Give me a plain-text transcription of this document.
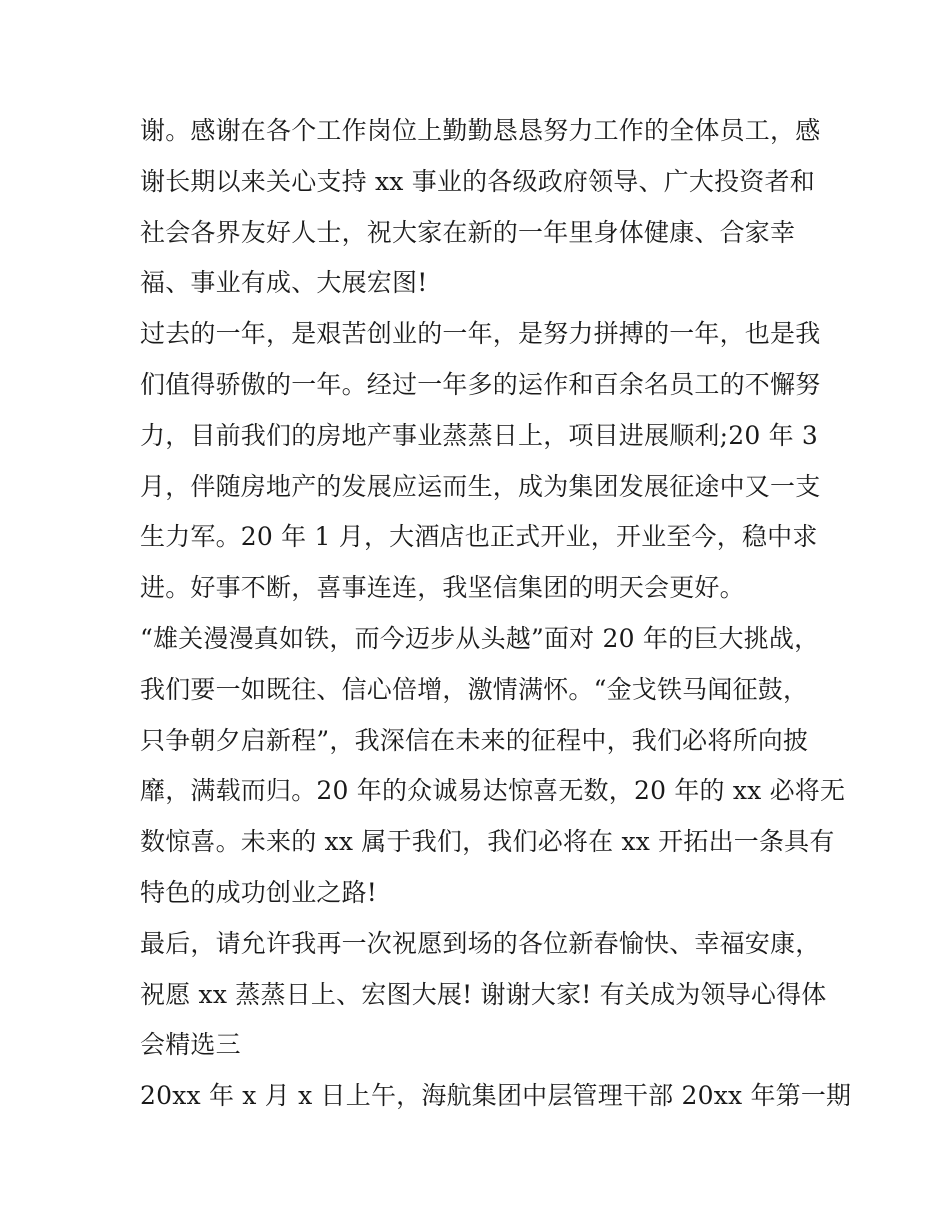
谢。感谢在各个工作岗位上勤勤恳恳努力工作的全体员工，感
谢长期以来关心支持 xx 事业的各级政府领导、广大投资者和
社会各界友好人士，祝大家在新的一年里身体健康、合家幸
福、事业有成、大展宏图!
过去的一年，是艰苦创业的一年，是努力拼搏的一年，也是我
们值得骄傲的一年。经过一年多的运作和百余名员工的不懈努
力，目前我们的房地产事业蒸蒸日上，项目进展顺利;20 年 3
月，伴随房地产的发展应运而生，成为集团发展征途中又一支
生力军。20 年 1 月，大酒店也正式开业，开业至今，稳中求
进。好事不断，喜事连连，我坚信集团的明天会更好。
“雄关漫漫真如铁，而今迈步从头越”面对 20 年的巨大挑战，
我们要一如既往、信心倍增，激情满怀。“金戈铁马闻征鼓，
只争朝夕启新程”，我深信在未来的征程中，我们必将所向披
靡，满载而归。20 年的众诚易达惊喜无数，20 年的 xx 必将无
数惊喜。未来的 xx 属于我们，我们必将在 xx 开拓出一条具有
特色的成功创业之路!
最后，请允许我再一次祝愿到场的各位新春愉快、幸福安康，
祝愿 xx 蒸蒸日上、宏图大展! 谢谢大家! 有关成为领导心得体
会精选三
20xx 年 x 月 x 日上午，海航集团中层管理干部 20xx 年第一期
